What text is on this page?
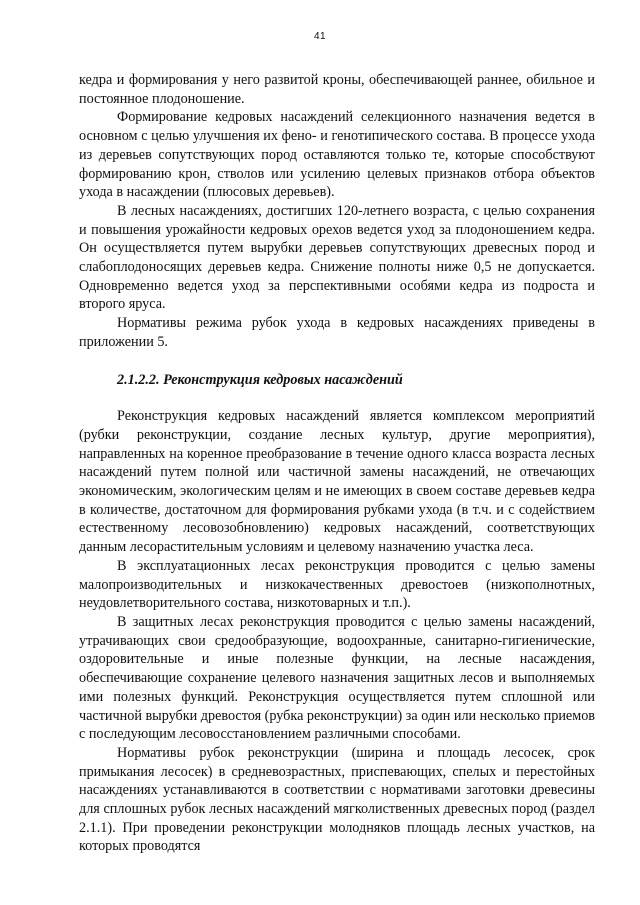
41

кедра и формирования у него развитой кроны, обеспечивающей раннее, обильное и постоянное плодоношение.

Формирование кедровых насаждений селекционного назначения ведется в основном с целью улучшения их фено- и генотипического состава. В процессе ухода из деревьев сопутствующих пород оставляются только те, которые способствуют формированию крон, стволов или усилению целевых признаков отбора объектов ухода в насаждении (плюсовых деревьев).

В лесных насаждениях, достигших 120-летнего возраста, с целью сохранения и повышения урожайности кедровых орехов ведется уход за плодоношением кедра. Он осуществляется путем вырубки деревьев сопутствующих древесных пород и слабоплодоносящих деревьев кедра. Снижение полноты ниже 0,5 не допускается. Одновременно ведется уход за перспективными особями кедра из подроста и второго яруса.

Нормативы режима рубок ухода в кедровых насаждениях приведены в приложении 5.

2.1.2.2. Реконструкция кедровых насаждений

Реконструкция кедровых насаждений является комплексом мероприятий (рубки реконструкции, создание лесных культур, другие мероприятия), направленных на коренное преобразование в течение одного класса возраста лесных насаждений путем полной или частичной замены насаждений, не отвечающих экономическим, экологическим целям и не имеющих в своем составе деревьев кедра в количестве, достаточном для формирования рубками ухода (в т.ч. и с содействием естественному лесовозобновлению) кедровых насаждений, соответствующих данным лесорастительным условиям и целевому назначению участка леса.

В эксплуатационных лесах реконструкция проводится с целью замены малопроизводительных и низкокачественных древостоев (низкополнотных, неудовлетворительного состава, низкотоварных и т.п.).

В защитных лесах реконструкция проводится с целью замены насаждений, утрачивающих свои средообразующие, водоохранные, санитарно-гигиенические, оздоровительные и иные полезные функции, на лесные насаждения, обеспечивающие сохранение целевого назначения защитных лесов и выполняемых ими полезных функций. Реконструкция осуществляется путем сплошной или частичной вырубки древостоя (рубка реконструкции) за один или несколько приемов с последующим лесовосстановлением различными способами.

Нормативы рубок реконструкции (ширина и площадь лесосек, срок примыкания лесосек) в средневозрастных, приспевающих, спелых и перестойных насаждениях устанавливаются в соответствии с нормативами заготовки древесины для сплошных рубок лесных насаждений мягколиственных древесных пород (раздел 2.1.1). При проведении реконструкции молодняков площадь лесных участков, на которых проводятся
